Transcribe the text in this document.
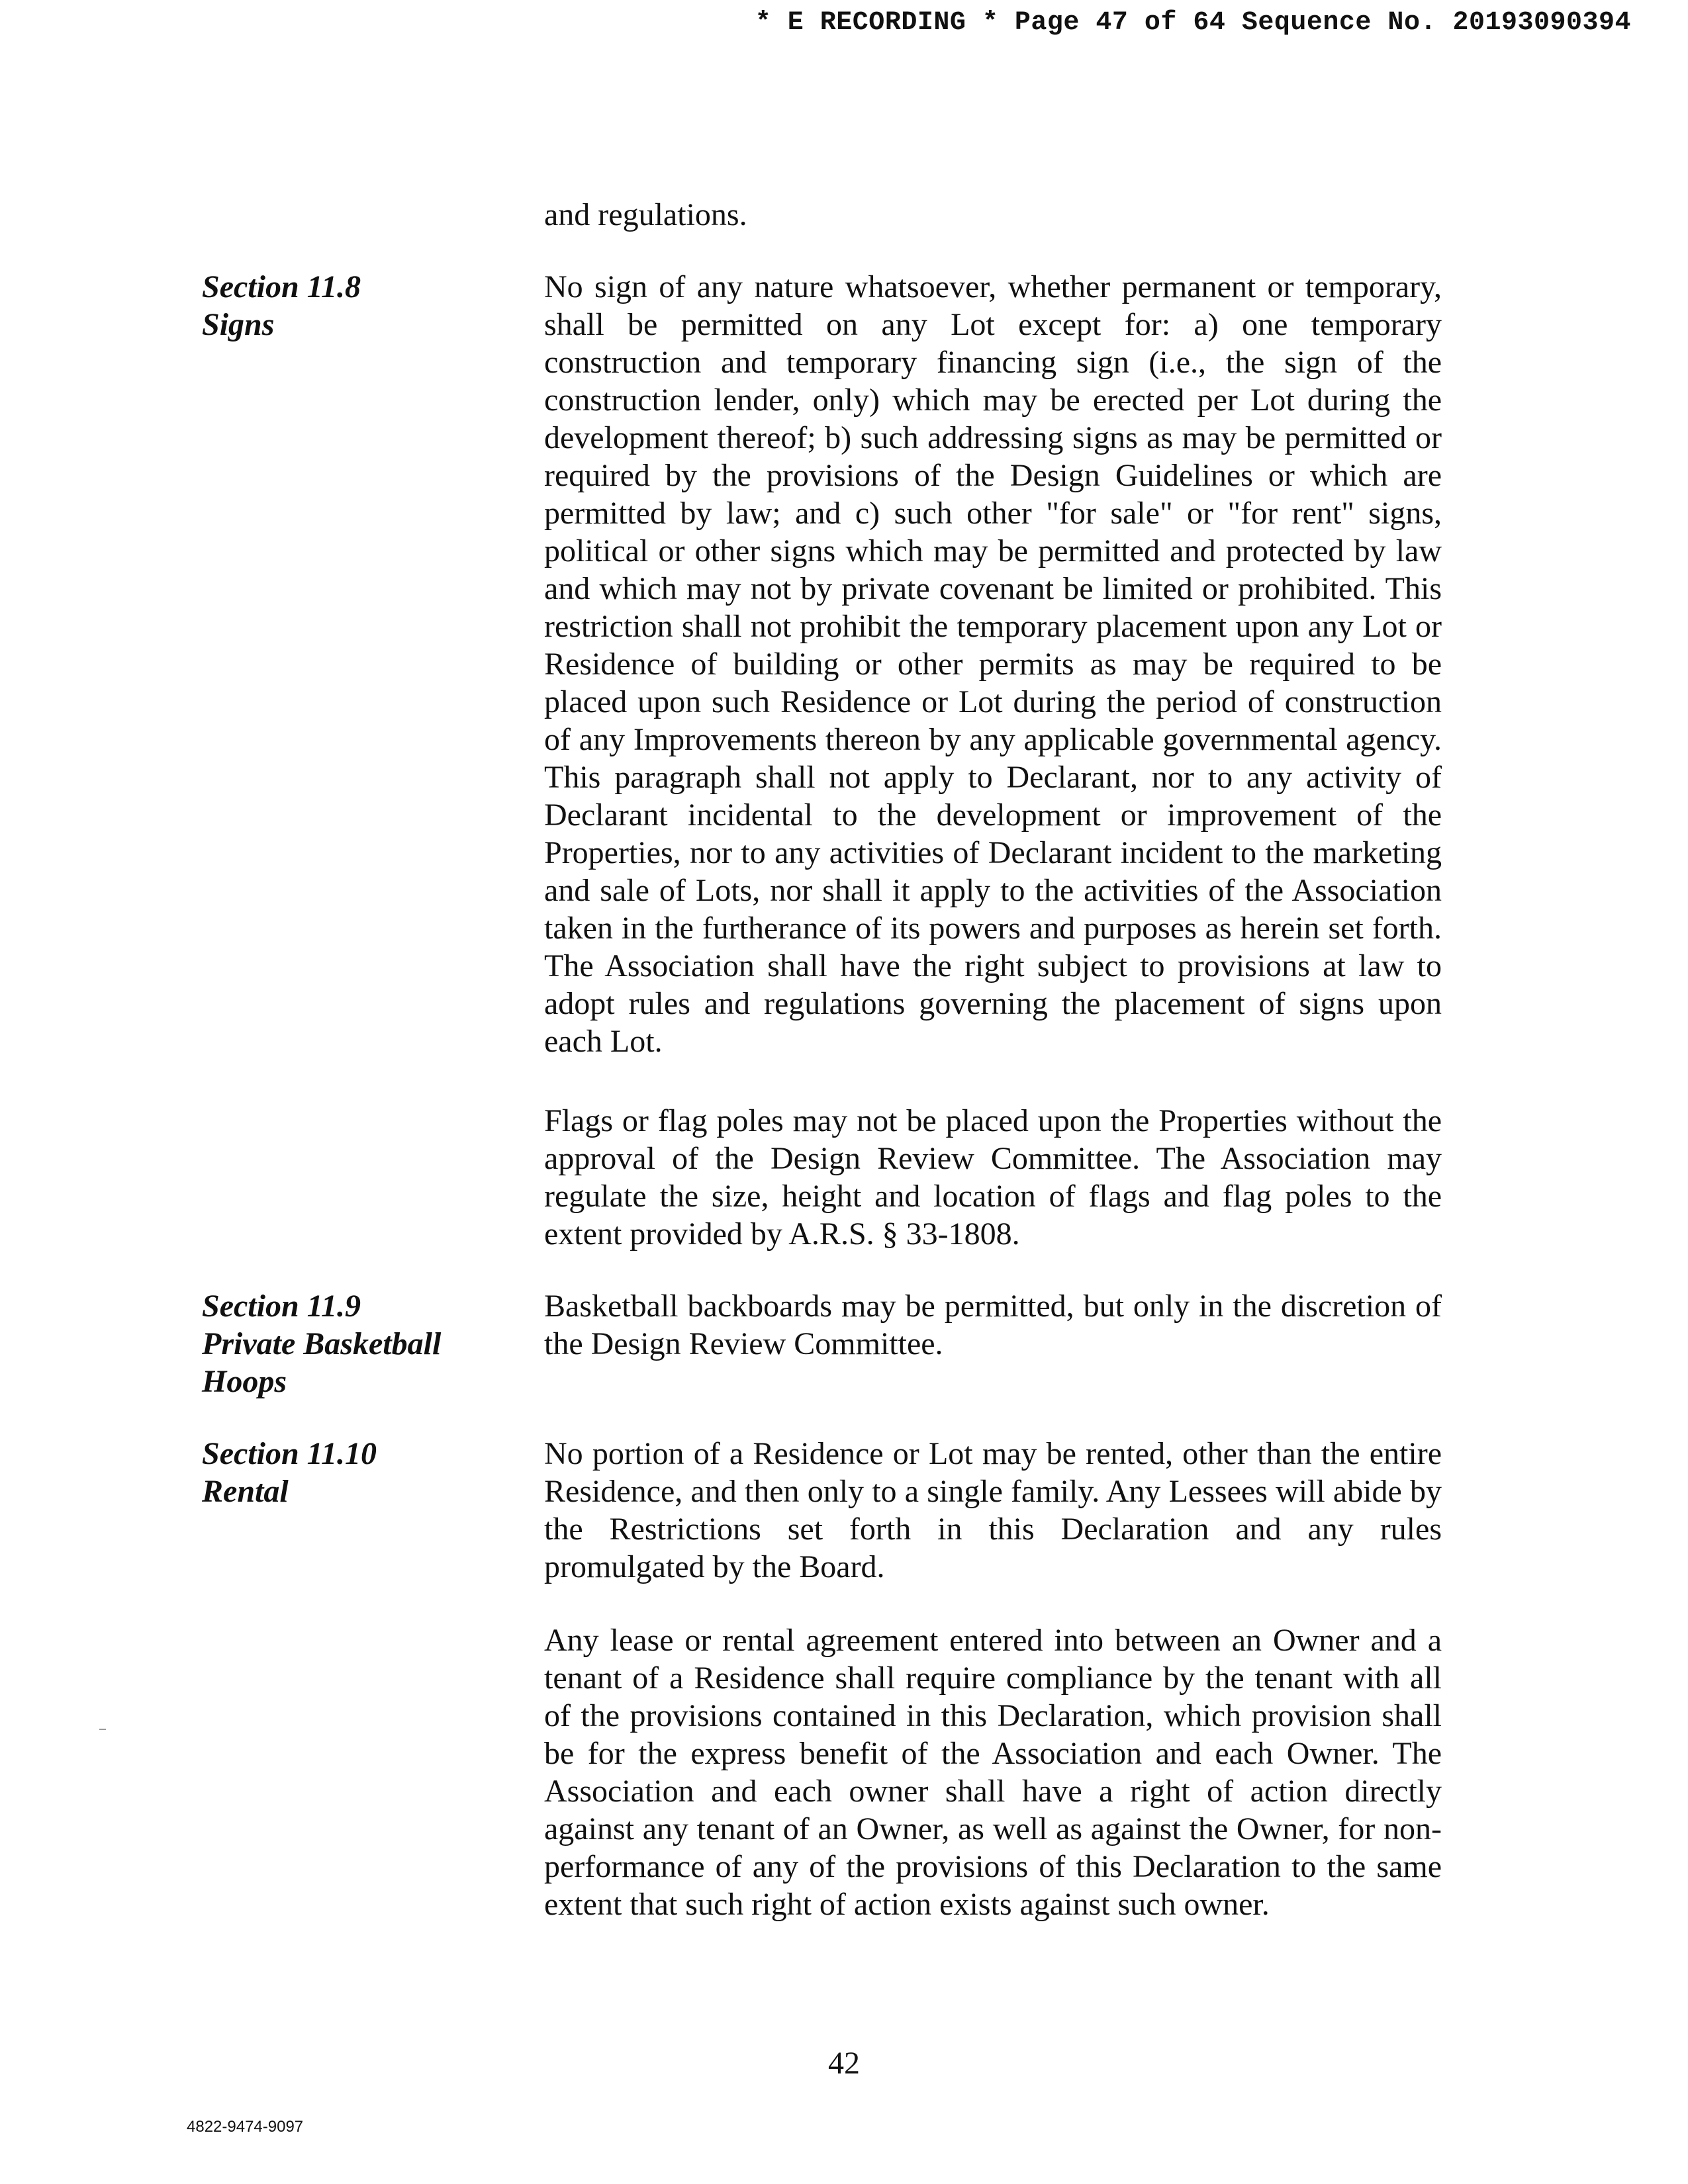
* E RECORDING * Page 47 of 64 Sequence No. 20193090394

and regulations.

Section 11.8
Signs

No sign of any nature whatsoever, whether permanent or temporary, shall be permitted on any Lot except for: a) one temporary construction and temporary financing sign (i.e., the sign of the construction lender, only) which may be erected per Lot during the development thereof; b) such addressing signs as may be permitted or required by the provisions of the Design Guidelines or which are permitted by law; and c) such other "for sale" or "for rent" signs, political or other signs which may be permitted and protected by law and which may not by private covenant be limited or prohibited. This restriction shall not prohibit the temporary placement upon any Lot or Residence of building or other permits as may be required to be placed upon such Residence or Lot during the period of construction of any Improvements thereon by any applicable governmental agency. This paragraph shall not apply to Declarant, nor to any activity of Declarant incidental to the development or improvement of the Properties, nor to any activities of Declarant incident to the marketing and sale of Lots, nor shall it apply to the activities of the Association taken in the furtherance of its powers and purposes as herein set forth. The Association shall have the right subject to provisions at law to adopt rules and regulations governing the placement of signs upon each Lot.

Flags or flag poles may not be placed upon the Properties without the approval of the Design Review Committee. The Association may regulate the size, height and location of flags and flag poles to the extent provided by A.R.S. § 33-1808.

Section 11.9
Private Basketball
Hoops

Basketball backboards may be permitted, but only in the discretion of the Design Review Committee.

Section 11.10
Rental

No portion of a Residence or Lot may be rented, other than the entire Residence, and then only to a single family. Any Lessees will abide by the Restrictions set forth in this Declaration and any rules promulgated by the Board.

Any lease or rental agreement entered into between an Owner and a tenant of a Residence shall require compliance by the tenant with all of the provisions contained in this Declaration, which provision shall be for the express benefit of the Association and each Owner. The Association and each owner shall have a right of action directly against any tenant of an Owner, as well as against the Owner, for non-performance of any of the provisions of this Declaration to the same extent that such right of action exists against such owner.

42

4822-9474-9097
